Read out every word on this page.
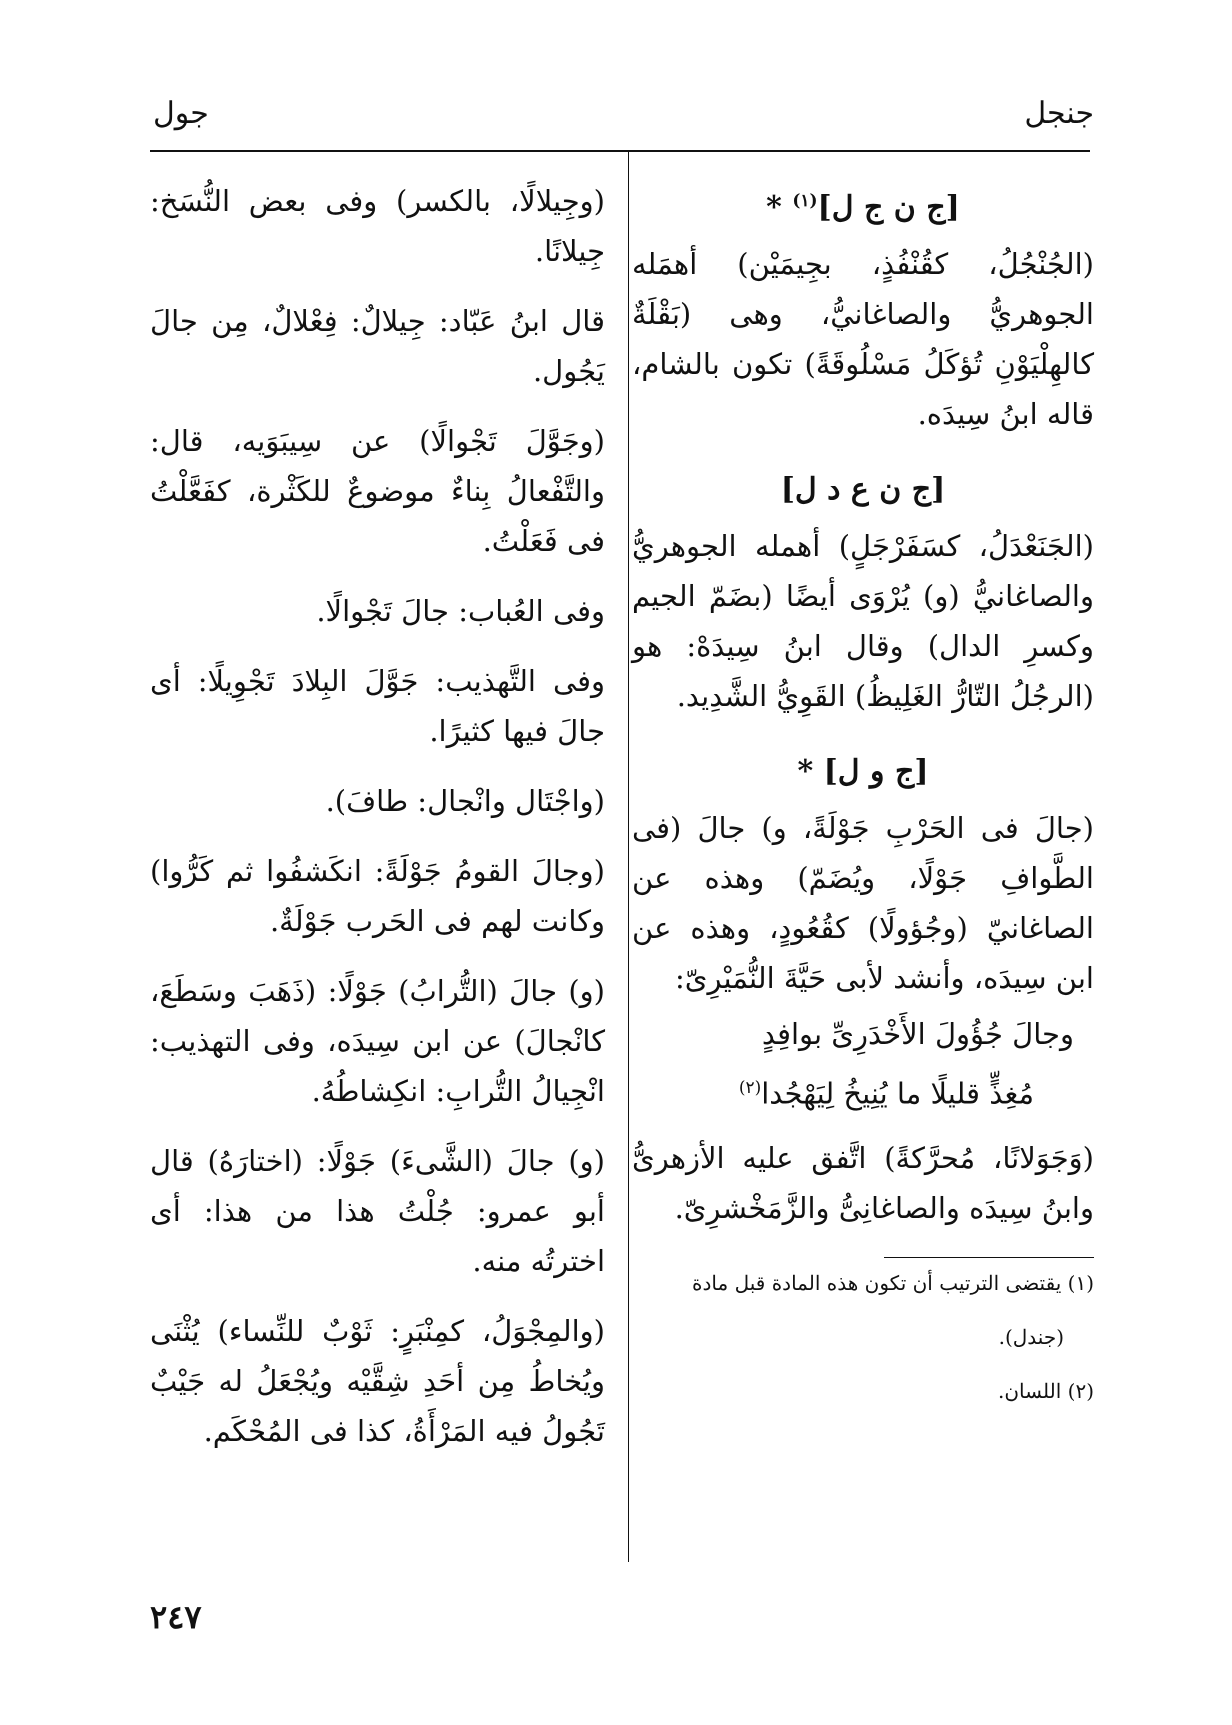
جنجل
جول
[ج ن ج ل]$^{(١)}$ *

(الجُنْجُلُ، كقُنْفُذٍ، بجِيمَيْن) أهمَله الجوهريُّ والصاغانيُّ، وهى (بَقْلَةٌ كالهِلْيَوْنِ تُؤكَلُ مَسْلُوقَةً) تكون بالشام، قاله ابنُ سِيدَه.

[ج ن ع د ل]

(الجَنَعْدَلُ، كسَفَرْجَلٍ) أهمله الجوهريُّ والصاغانيُّ (و) يُرْوَى أيضًا (بضَمّ الجيم وكسرِ الدال) وقال ابنُ سِيدَهْ: هو (الرجُلُ التّارُّ الغَلِيظُ) القَوِيُّ الشَّدِيد.

[ج و ل] *

(جالَ فى الحَرْبِ جَوْلَةً، و) جالَ (فى الطَّوافِ جَوْلًا، ويُضَمّ) وهذه عن الصاغانيّ (وجُؤولًا) كقُعُودٍ، وهذه عن ابن سِيدَه، وأنشد لأبى حَيَّةَ النُّمَيْرِىّ:

وجالَ جُؤُولَ الأَخْدَرِىِّ بوافِدٍ
مُغِذٍّ قليلًا ما يُنِيخُ لِيَهْجُدا$^{(٢)}$

(وَجَوَلانًا، مُحرَّكةً) اتَّفق عليه الأزهرىُّ وابنُ سِيدَه والصاغانِىُّ والزَّمَخْشرِىّ.

(١) يقتضى الترتيب أن تكون هذه المادة قبل مادة

(جندل).

(٢) اللسان.

(وجِيلالًا، بالكسر) وفى بعض النُّسَخ: جِيلانًا.

قال ابنُ عَبّاد: جِيلالٌ: فِعْلالٌ، مِن جالَ يَجُول.

(وجَوَّلَ تَجْوالًا) عن سِيبَوَيه، قال: والتَّفْعالُ بِناءٌ موضوعٌ للكَثْرة، كفَعَّلْتُ فى فَعَلْتُ.

وفى العُباب: جالَ تَجْوالًا.

وفى التَّهذيب: جَوَّلَ البِلادَ تَجْوِيلًا: أى جالَ فيها كثيرًا.

(واجْتَال وانْجال: طافَ).

(وجالَ القومُ جَوْلَةً: انكَشفُوا ثم كَرُّوا) وكانت لهم فى الحَرب جَوْلَةٌ.

(و) جالَ (التُّرابُ) جَوْلًا: (ذَهَبَ وسَطَعَ، كانْجالَ) عن ابن سِيدَه، وفى التهذيب: انْجِيالُ التُّرابِ: انكِشاطُهُ.

(و) جالَ (الشَّىءَ) جَوْلًا: (اختارَهُ) قال أبو عمرو: جُلْتُ هذا من هذا: أى اخترتُه منه.

(والمِجْوَلُ، كمِنْبَرٍ: ثَوْبٌ للنِّساء) يُثْنَى ويُخاطُ مِن أحَدِ شِقَّيْه ويُجْعَلُ له جَيْبٌ تَجُولُ فيه المَرْأَةُ، كذا فى المُحْكَم.

٢٤٧
